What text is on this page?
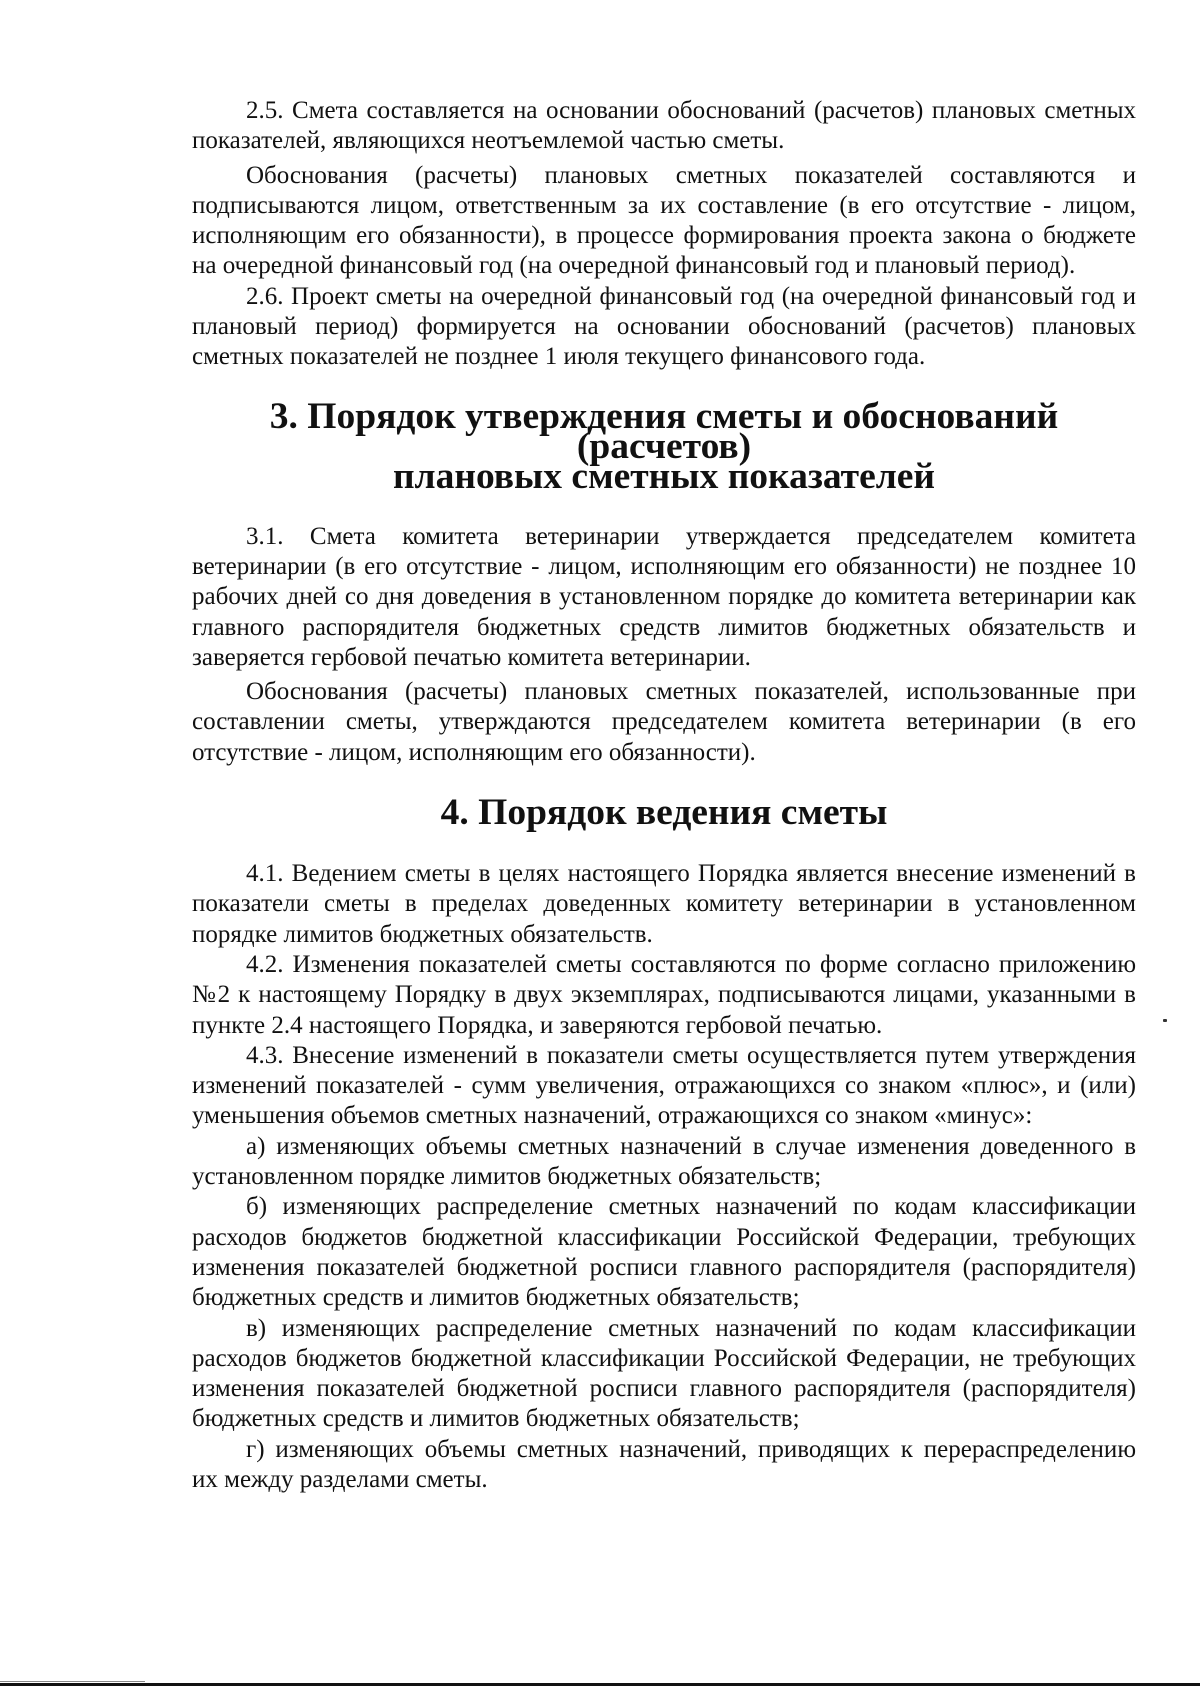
2.5. Смета составляется на основании обоснований (расчетов) плановых сметных показателей, являющихся неотъемлемой частью сметы.

Обоснования (расчеты) плановых сметных показателей составляются и подписываются лицом, ответственным за их составление (в его отсутствие - лицом, исполняющим его обязанности), в процессе формирования проекта закона о бюджете на очередной финансовый год (на очередной финансовый год и плановый период).

2.6. Проект сметы на очередной финансовый год (на очередной финансовый год и плановый период) формируется на основании обоснований (расчетов) плановых сметных показателей не позднее 1 июля текущего финансового года.

3. Порядок утверждения сметы и обоснований (расчетов)
плановых сметных показателей

3.1. Смета комитета ветеринарии утверждается председателем комитета ветеринарии (в его отсутствие - лицом, исполняющим его обязанности) не позднее 10 рабочих дней со дня доведения в установленном порядке до комитета ветеринарии как главного распорядителя бюджетных средств лимитов бюджетных обязательств и заверяется гербовой печатью комитета ветеринарии.

Обоснования (расчеты) плановых сметных показателей, использованные при составлении сметы, утверждаются председателем комитета ветеринарии (в его отсутствие - лицом, исполняющим его обязанности).

4. Порядок ведения сметы

4.1. Ведением сметы в целях настоящего Порядка является внесение изменений в показатели сметы в пределах доведенных комитету ветеринарии в установленном порядке лимитов бюджетных обязательств.

4.2. Изменения показателей сметы составляются по форме согласно приложению №2 к настоящему Порядку в двух экземплярах, подписываются лицами, указанными в пункте 2.4 настоящего Порядка, и заверяются гербовой печатью.

4.3. Внесение изменений в показатели сметы осуществляется путем утверждения изменений показателей - сумм увеличения, отражающихся со знаком «плюс», и (или) уменьшения объемов сметных назначений, отражающихся со знаком «минус»:

а) изменяющих объемы сметных назначений в случае изменения доведенного в установленном порядке лимитов бюджетных обязательств;

б) изменяющих распределение сметных назначений по кодам классификации расходов бюджетов бюджетной классификации Российской Федерации, требующих изменения показателей бюджетной росписи главного распорядителя (распорядителя) бюджетных средств и лимитов бюджетных обязательств;

в) изменяющих распределение сметных назначений по кодам классификации расходов бюджетов бюджетной классификации Российской Федерации, не требующих изменения показателей бюджетной росписи главного распорядителя (распорядителя) бюджетных средств и лимитов бюджетных обязательств;

г) изменяющих объемы сметных назначений, приводящих к перераспределению их между разделами сметы.
